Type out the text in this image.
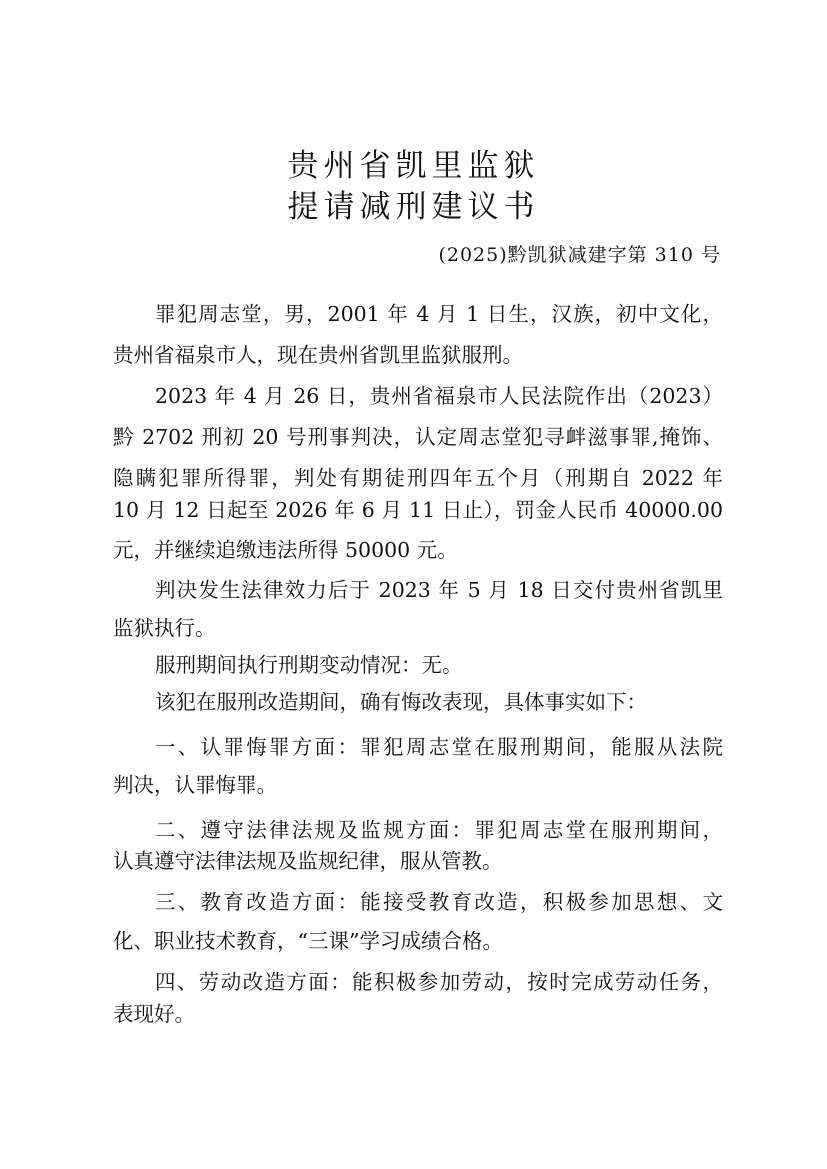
贵州省凯里监狱
提请减刑建议书
(2025)黔凯狱减建字第 310 号
罪犯周志堂，男，2001 年 4 月 1 日生，汉族，初中文化，
贵州省福泉市人，现在贵州省凯里监狱服刑。
2023 年 4 月 26 日，贵州省福泉市人民法院作出（2023）
黔 2702 刑初 20 号刑事判决，认定周志堂犯寻衅滋事罪,掩饰、
隐瞒犯罪所得罪，判处有期徒刑四年五个月（刑期自 2022 年
10 月 12 日起至 2026 年 6 月 11 日止），罚金人民币 40000.00
元，并继续追缴违法所得 50000 元。
判决发生法律效力后于 2023 年 5 月 18 日交付贵州省凯里
监狱执行。
服刑期间执行刑期变动情况：无。
该犯在服刑改造期间，确有悔改表现，具体事实如下：
一、认罪悔罪方面：罪犯周志堂在服刑期间，能服从法院
判决，认罪悔罪。
二、遵守法律法规及监规方面：罪犯周志堂在服刑期间，
认真遵守法律法规及监规纪律，服从管教。
三、教育改造方面：能接受教育改造，积极参加思想、文
化、职业技术教育，“三课”学习成绩合格。
四、劳动改造方面：能积极参加劳动，按时完成劳动任务，
表现好。
